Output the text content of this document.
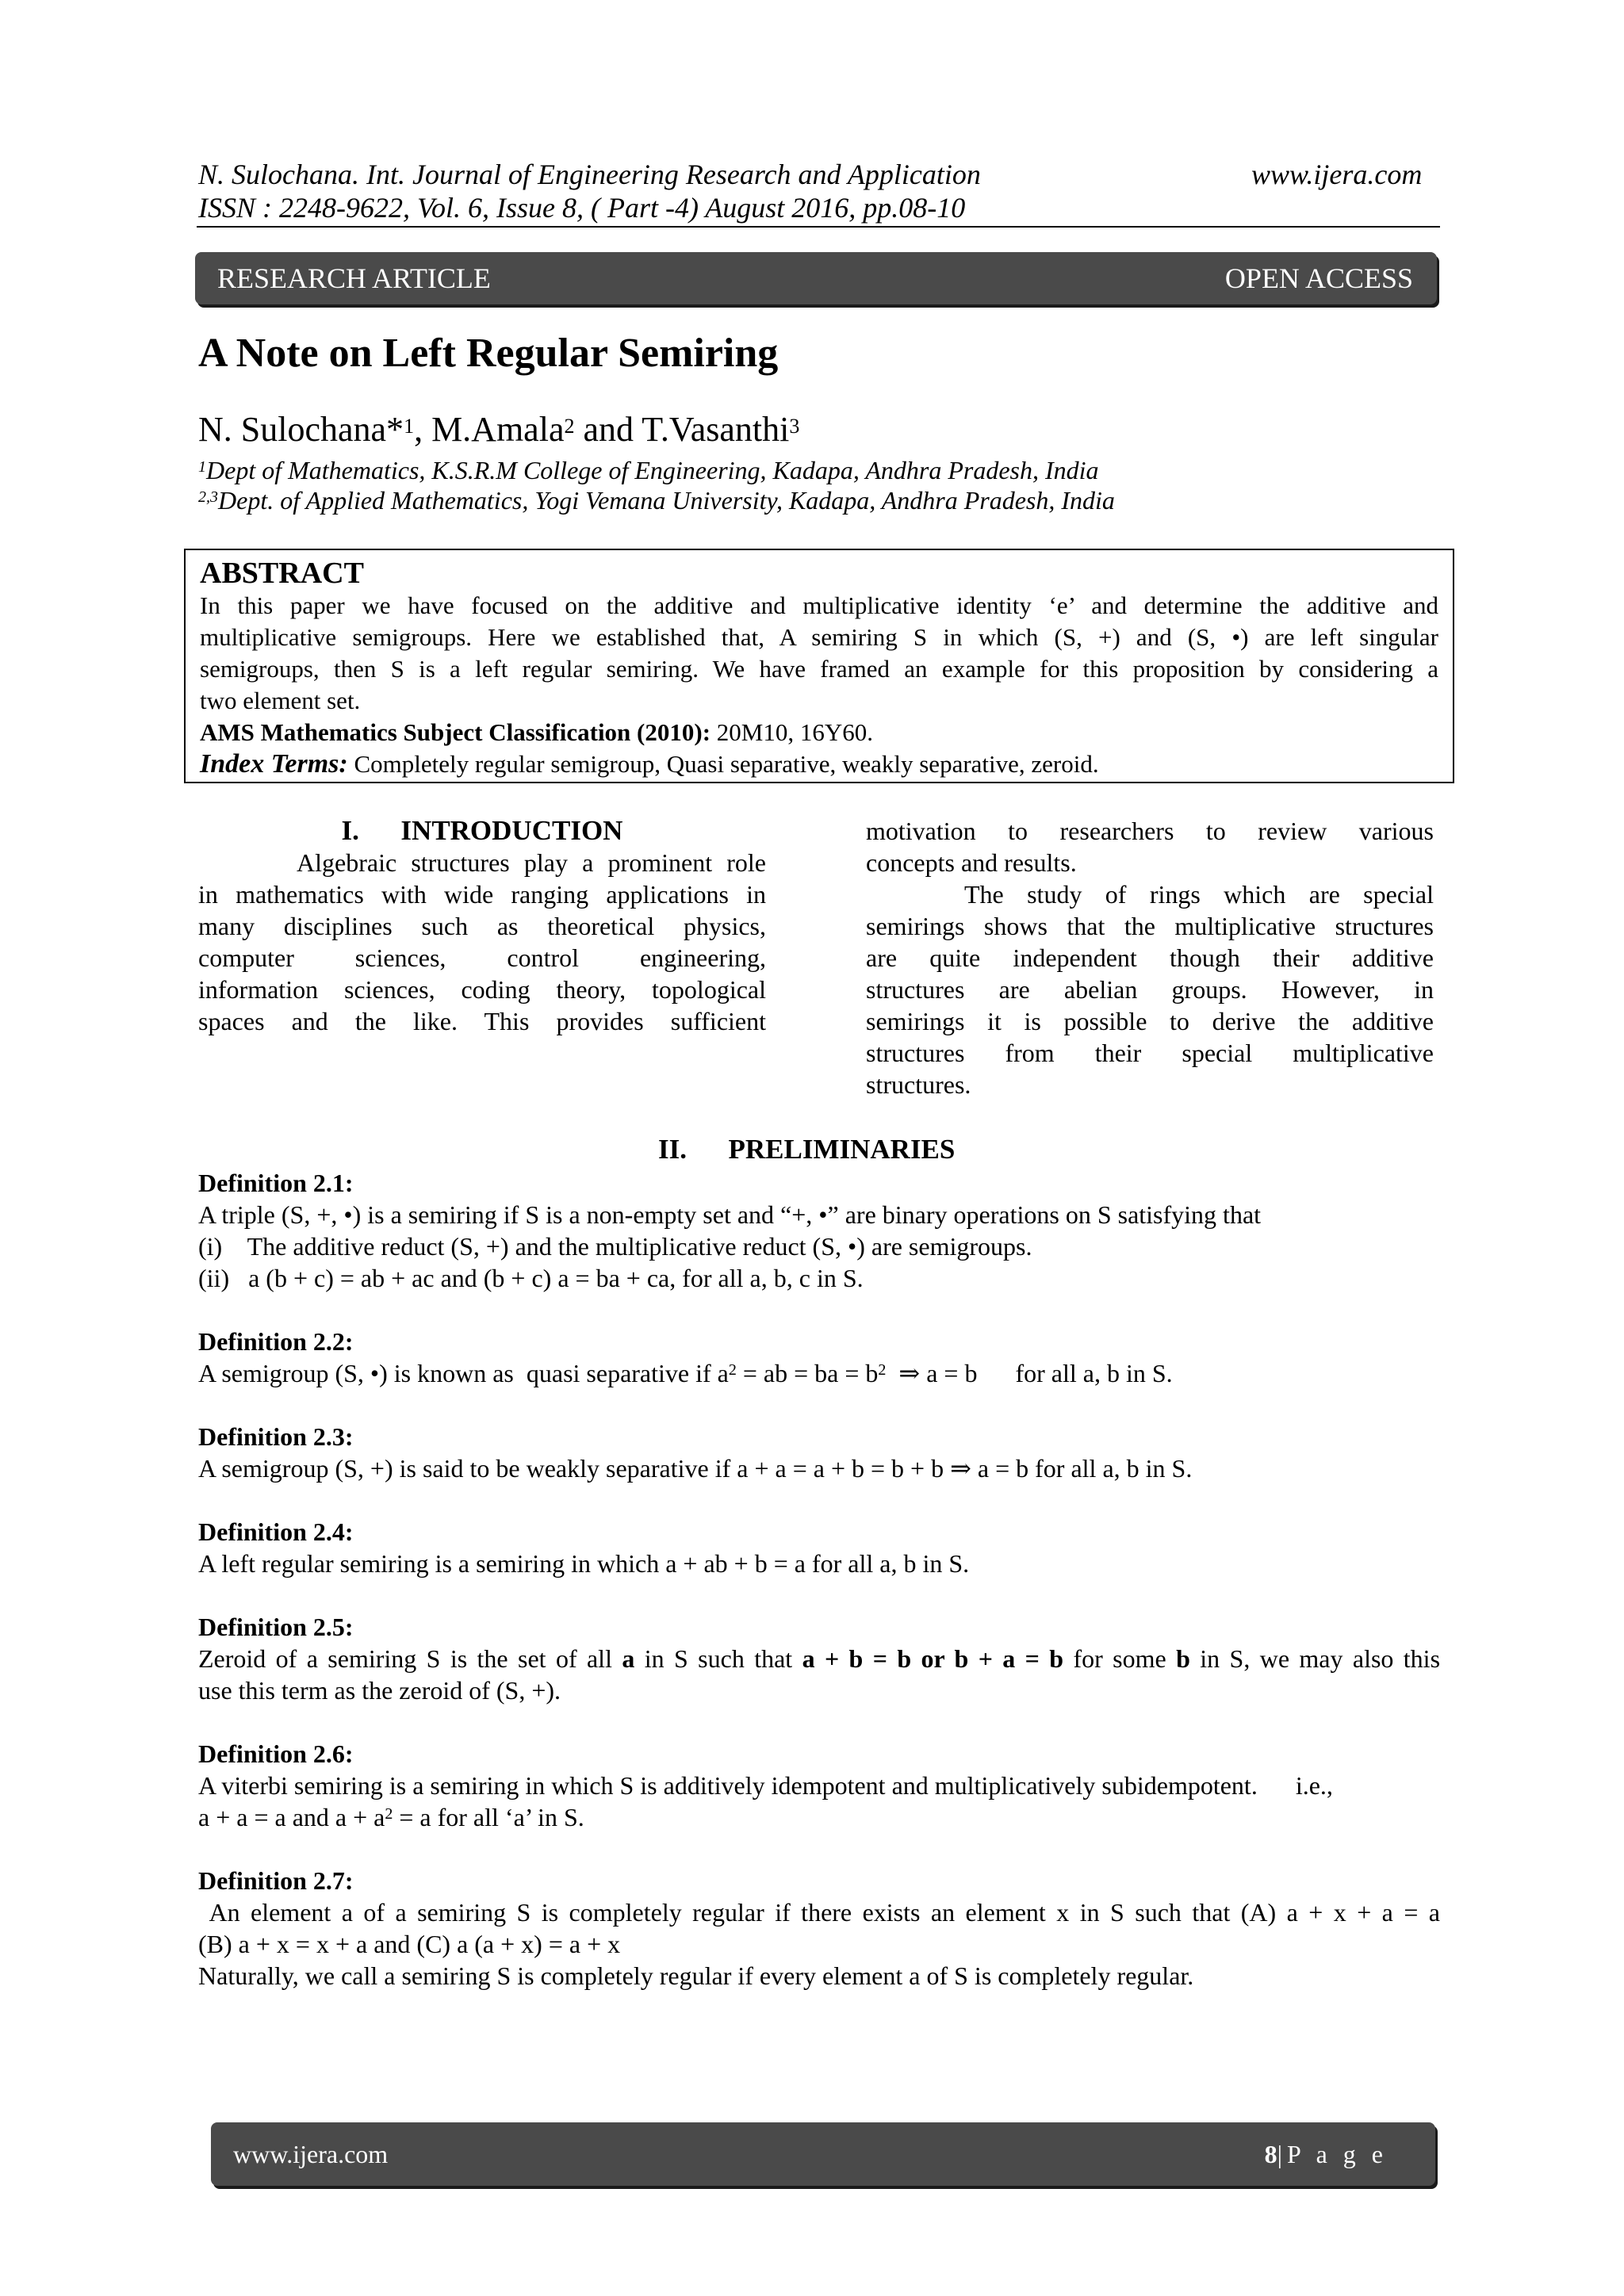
N. Sulochana. Int. Journal of Engineering Research and Application	www.ijera.com
ISSN : 2248-9622, Vol. 6, Issue 8, ( Part -4) August 2016, pp.08-10
RESEARCH ARTICLE	OPEN ACCESS
A Note on Left Regular Semiring
N. Sulochana*$^1$, M.Amala$^2$ and T.Vasanthi$^3$
$^1$Dept of Mathematics, K.S.R.M College of Engineering, Kadapa, Andhra Pradesh, India
$^{2,3}$Dept. of Applied Mathematics, Yogi Vemana University, Kadapa, Andhra Pradesh, India
ABSTRACT
In this paper we have focused on the additive and multiplicative identity ‘e’ and determine the additive and
multiplicative semigroups. Here we established that, A semiring S in which (S, +) and (S, •) are left singular
semigroups, then S is a left regular semiring. We have framed an example for this proposition by considering a
two element set.
AMS Mathematics Subject Classification (2010): 20M10, 16Y60.
Index Terms: Completely regular semigroup, Quasi separative, weakly separative, zeroid.
I.      INTRODUCTION
Algebraic structures play a prominent role
in mathematics with wide ranging applications in
many disciplines such as theoretical physics,
computer sciences, control engineering,
information sciences, coding theory, topological
spaces and the like. This provides sufficient
motivation to researchers to review various
concepts and results.
The study of rings which are special
semirings shows that the multiplicative structures
are quite independent though their additive
structures are abelian groups. However, in
semirings it is possible to derive the additive
structures from their special multiplicative
structures.
II.      PRELIMINARIES
Definition 2.1:
A triple (S, +, •) is a semiring if S is a non-empty set and “+, •” are binary operations on S satisfying that
(i)    The additive reduct (S, +) and the multiplicative reduct (S, •) are semigroups.
(ii)   a (b + c) = ab + ac and (b + c) a = ba + ca, for all a, b, c in S.
Definition 2.2:
A semigroup (S, •) is known as  quasi separative if $a^2$ = ab = ba = $b^2$  ⇒ a = b      for all a, b in S.
Definition 2.3:
A semigroup (S, +) is said to be weakly separative if a + a = a + b = b + b ⇒ a = b for all a, b in S.
Definition 2.4:
A left regular semiring is a semiring in which a + ab + b = a for all a, b in S.
Definition 2.5:
Zeroid of a semiring S is the set of all a in S such that a + b = b or b + a = b for some b in S, we may also this
use this term as the zeroid of (S, +).
Definition 2.6:
A viterbi semiring is a semiring in which S is additively idempotent and multiplicatively subidempotent.      i.e.,
a + a = a and $a + a^2 = a$ for all ‘a’ in S.
Definition 2.7:
An element a of a semiring S is completely regular if there exists an element x in S such that (A) a + x + a = a
(B) a + x = x + a and (C) a (a + x) = a + x
Naturally, we call a semiring S is completely regular if every element a of S is completely regular.
www.ijera.com	8|P a g e
